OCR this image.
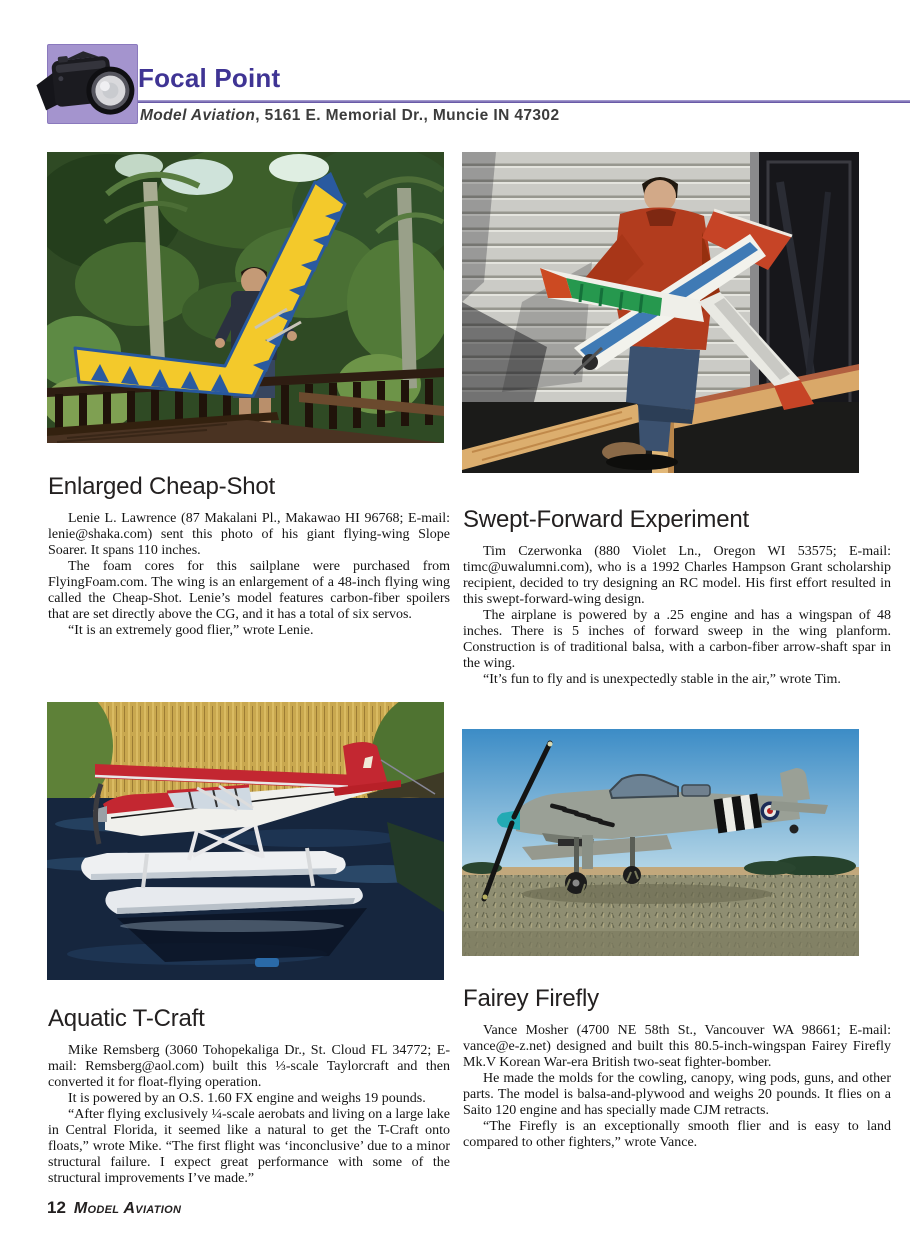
Focal Point

Model Aviation, 5161 E. Memorial Dr., Muncie IN 47302

Enlarged Cheap-Shot

Lenie L. Lawrence (87 Makalani Pl., Makawao HI 96768; E-mail: lenie@shaka.com) sent this photo of his giant flying-wing Slope Soarer. It spans 110 inches.

The foam cores for this sailplane were purchased from FlyingFoam.com. The wing is an enlargement of a 48-inch flying wing called the Cheap-Shot. Lenie’s model features carbon-fiber spoilers that are set directly above the CG, and it has a total of six servos.

“It is an extremely good flier,” wrote Lenie.

Swept-Forward Experiment

Tim Czerwonka (880 Violet Ln., Oregon WI 53575; E-mail: timc@uwalumni.com), who is a 1992 Charles Hampson Grant scholarship recipient, decided to try designing an RC model. His first effort resulted in this swept-forward-wing design.

The airplane is powered by a .25 engine and has a wingspan of 48 inches. There is 5 inches of forward sweep in the wing planform. Construction is of traditional balsa, with a carbon-fiber arrow-shaft spar in the wing.

“It’s fun to fly and is unexpectedly stable in the air,” wrote Tim.

Aquatic T-Craft

Mike Remsberg (3060 Tohopekaliga Dr., St. Cloud FL 34772; E-mail: Remsberg@aol.com) built this ⅓-scale Taylorcraft and then converted it for float-flying operation.

It is powered by an O.S. 1.60 FX engine and weighs 19 pounds.

“After flying exclusively ¼-scale aerobats and living on a large lake in Central Florida, it seemed like a natural to get the T-Craft onto floats,” wrote Mike. “The first flight was ‘inconclusive’ due to a minor structural failure. I expect great performance with some of the structural improvements I’ve made.”

Fairey Firefly

Vance Mosher (4700 NE 58th St., Vancouver WA 98661; E-mail: vance@e-z.net) designed and built this 80.5-inch-wingspan Fairey Firefly Mk.V Korean War-era British two-seat fighter-bomber.

He made the molds for the cowling, canopy, wing pods, guns, and other parts. The model is balsa-and-plywood and weighs 20 pounds. It flies on a Saito 120 engine and has specially made CJM retracts.

“The Firefly is an exceptionally smooth flier and is easy to land compared to other fighters,” wrote Vance.

12 Model Aviation
